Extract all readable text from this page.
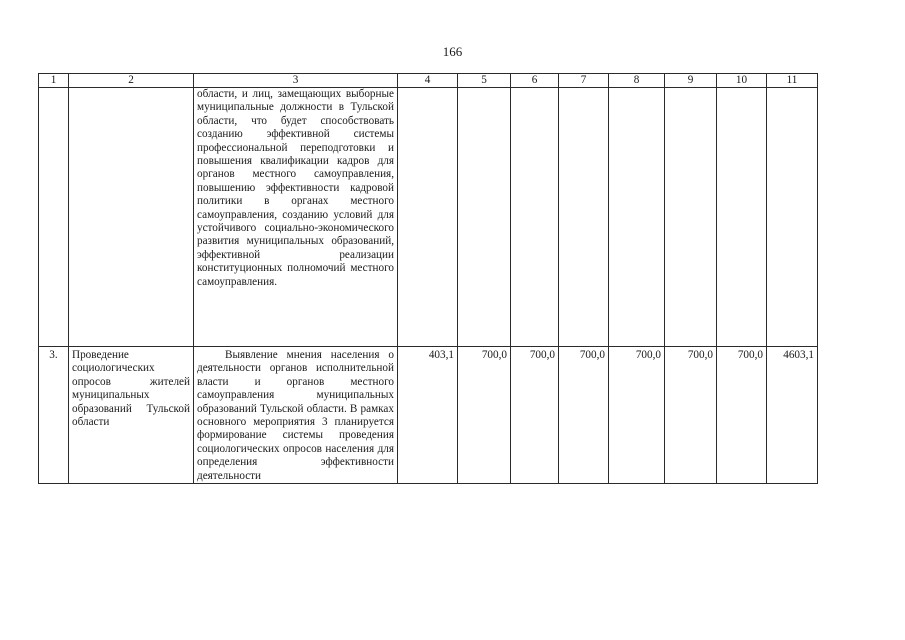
166
1	2	3	4	5	6	7	8	9	10	11
		области, и лиц, замещающих выборные муниципальные должности в Тульской области, что будет способствовать созданию эффективной системы профессиональной переподготовки и повышения квалификации кадров для органов местного самоуправления, повышению эффективности кадровой политики в органах местного самоуправления, созданию условий для устойчивого социально-экономического развития муниципальных образований, эффективной реализации конституционных полномочий местного самоуправления.								
3.	Проведение социологических опросов жителей муниципальных образований Тульской области	Выявление мнения населения о деятельности органов исполнительной власти и органов местного самоуправления муниципальных образований Тульской области. В рамках основного мероприятия 3 планируется формирование системы проведения социологических опросов населения для определения эффективности деятельности	403,1	700,0	700,0	700,0	700,0	700,0	700,0	4603,1
